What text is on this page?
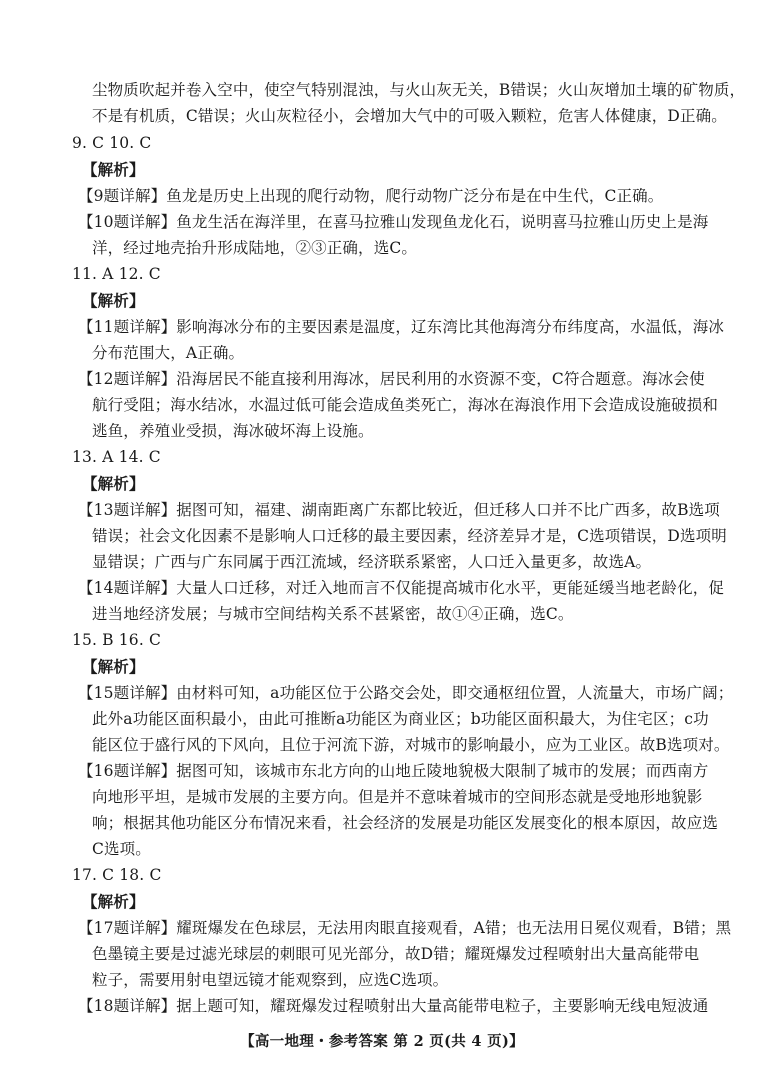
尘物质吹起并卷入空中，使空气特别混浊，与火山灰无关，B错误；火山灰增加土壤的矿物质，
不是有机质，C错误；火山灰粒径小，会增加大气中的可吸入颗粒，危害人体健康，D正确。
9. C 10. C
【解析】
【9题详解】鱼龙是历史上出现的爬行动物，爬行动物广泛分布是在中生代，C正确。
【10题详解】鱼龙生活在海洋里，在喜马拉雅山发现鱼龙化石，说明喜马拉雅山历史上是海
洋，经过地壳抬升形成陆地，②③正确，选C。
11. A 12. C
【解析】
【11题详解】影响海冰分布的主要因素是温度，辽东湾比其他海湾分布纬度高，水温低，海冰
分布范围大，A正确。
【12题详解】沿海居民不能直接利用海冰，居民利用的水资源不变，C符合题意。海冰会使
航行受阻；海水结冰，水温过低可能会造成鱼类死亡，海冰在海浪作用下会造成设施破损和
逃鱼，养殖业受损，海冰破坏海上设施。
13. A 14. C
【解析】
【13题详解】据图可知，福建、湖南距离广东都比较近，但迁移人口并不比广西多，故B选项
错误；社会文化因素不是影响人口迁移的最主要因素，经济差异才是，C选项错误，D选项明
显错误；广西与广东同属于西江流域，经济联系紧密，人口迁入量更多，故选A。
【14题详解】大量人口迁移，对迁入地而言不仅能提高城市化水平，更能延缓当地老龄化，促
进当地经济发展；与城市空间结构关系不甚紧密，故①④正确，选C。
15. B 16. C
【解析】
【15题详解】由材料可知，a功能区位于公路交会处，即交通枢纽位置，人流量大，市场广阔；
此外a功能区面积最小，由此可推断a功能区为商业区；b功能区面积最大，为住宅区；c功
能区位于盛行风的下风向，且位于河流下游，对城市的影响最小，应为工业区。故B选项对。
【16题详解】据图可知，该城市东北方向的山地丘陵地貌极大限制了城市的发展；而西南方
向地形平坦，是城市发展的主要方向。但是并不意味着城市的空间形态就是受地形地貌影
响；根据其他功能区分布情况来看，社会经济的发展是功能区发展变化的根本原因，故应选
C选项。
17. C 18. C
【解析】
【17题详解】耀斑爆发在色球层，无法用肉眼直接观看，A错；也无法用日冕仪观看，B错；黑
色墨镜主要是过滤光球层的刺眼可见光部分，故D错；耀斑爆发过程喷射出大量高能带电
粒子，需要用射电望远镜才能观察到，应选C选项。
【18题详解】据上题可知，耀斑爆发过程喷射出大量高能带电粒子，主要影响无线电短波通
【高一地理・参考答案 第 2 页(共 4 页)】
